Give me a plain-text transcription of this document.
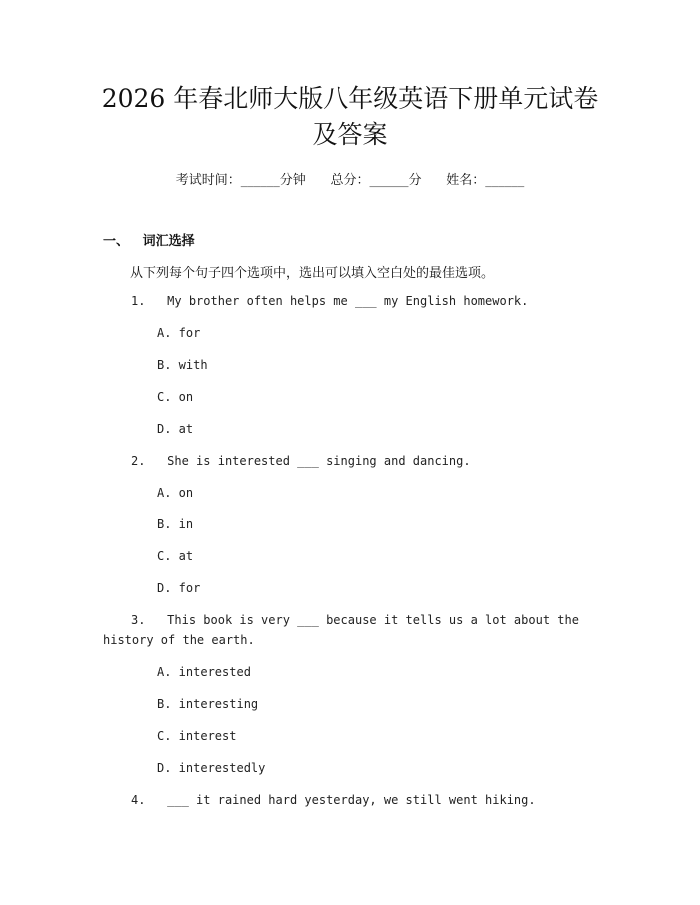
2026 年春北师大版八年级英语下册单元试卷
及答案
考试时间：______分钟      总分：______分      姓名：______
一、 词汇选择
从下列每个句子四个选项中，选出可以填入空白处的最佳选项。
1. My brother often helps me ___ my English homework.
A. for
B. with
C. on
D. at
2. She is interested ___ singing and dancing.
A. on
B. in
C. at
D. for
3. This book is very ___ because it tells us a lot about the
history of the earth.
A. interested
B. interesting
C. interest
D. interestedly
4. ___ it rained hard yesterday, we still went hiking.
